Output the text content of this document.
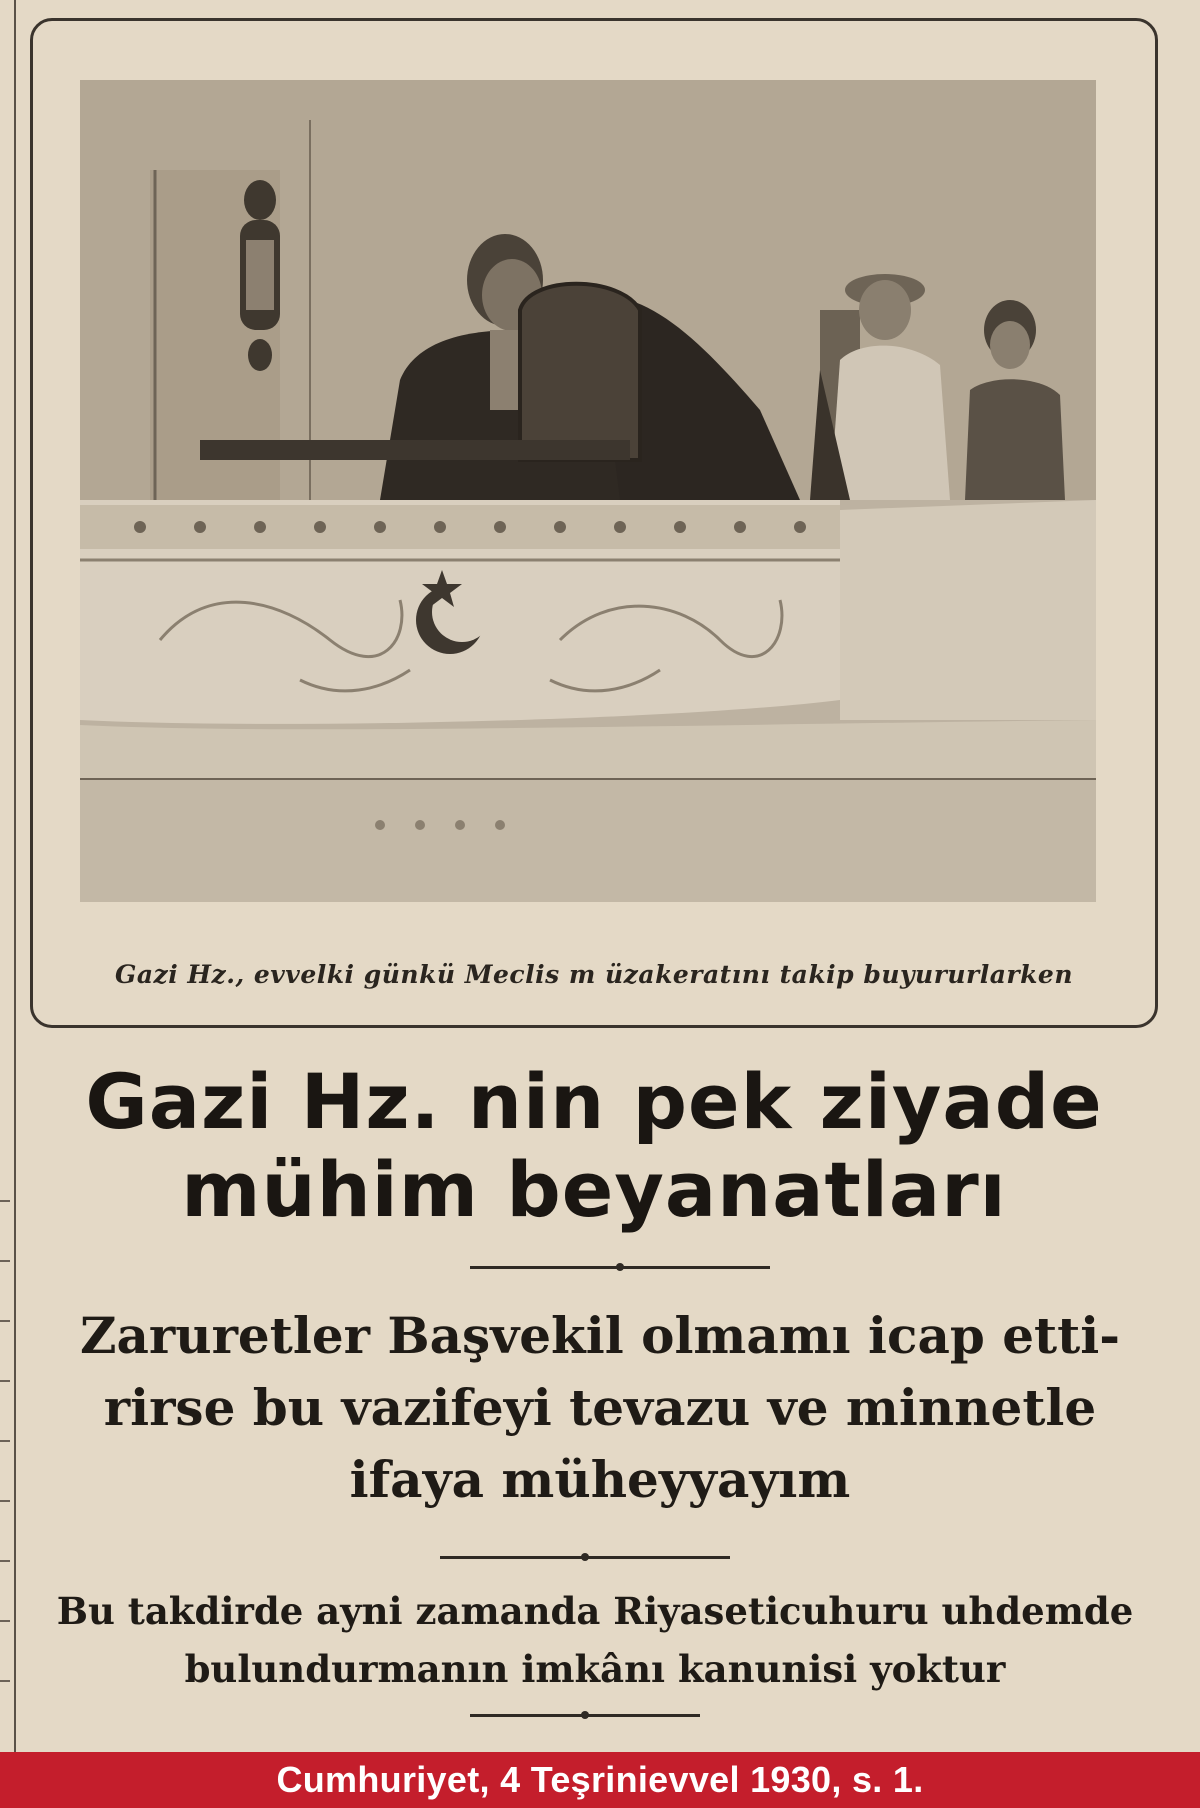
Gazi Hz., evvelki günkü Meclis m üzakeratını takip buyururlarken
Gazi Hz. nin pek ziyade
mühim beyanatları
Zaruretler Başvekil olmamı icap etti-
rirse bu vazifeyi tevazu ve minnetle
ifaya müheyyayım
Bu takdirde ayni zamanda Riyaseticuhuru uhdemde
bulundurmanın imkânı kanunisi yoktur
Cumhuriyet, 4 Teşrinievvel 1930, s. 1.
